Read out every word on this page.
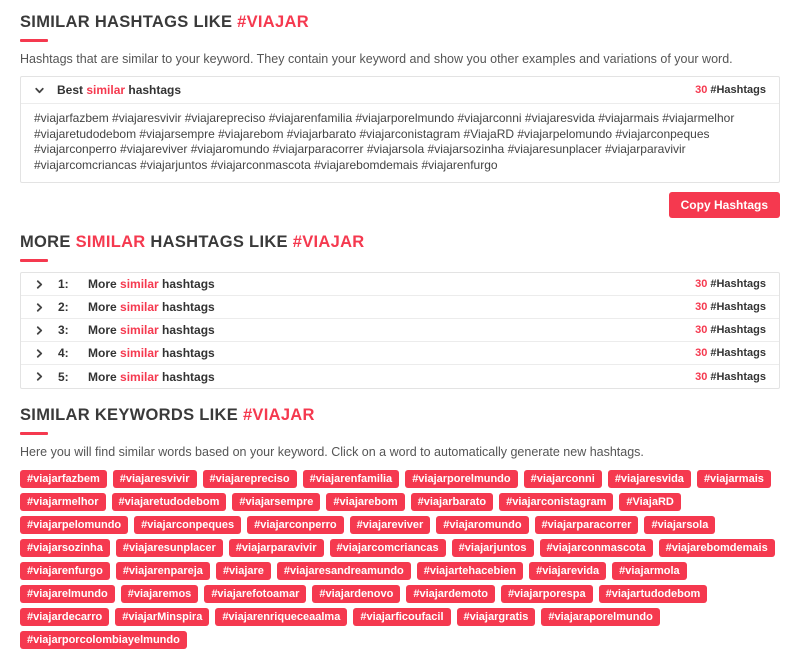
SIMILAR HASHTAGS LIKE #VIAJAR

Hashtags that are similar to your keyword. They contain your keyword and show you other examples and variations of your word.

Best similar hashtags	30 #Hashtags
#viajarfazbem #viajaresvivir #viajarepreciso #viajarenfamilia #viajarporelmundo #viajarconni #viajaresvida #viajarmais #viajarmelhor #viajaretudodebom #viajarsempre #viajarebom #viajarbarato #viajarconistagram #ViajaRD #viajarpelomundo #viajarconpeques #viajarconperro #viajareviver #viajaromundo #viajarparacorrer #viajarsola #viajarsozinha #viajaresunplacer #viajarparavivir #viajarcomcriancas #viajarjuntos #viajarconmascota #viajarebomdemais #viajarenfurgo
Copy Hashtags
MORE SIMILAR HASHTAGS LIKE #VIAJAR
1:	More similar hashtags	30 #Hashtags
2:	More similar hashtags	30 #Hashtags
3:	More similar hashtags	30 #Hashtags
4:	More similar hashtags	30 #Hashtags
5:	More similar hashtags	30 #Hashtags
SIMILAR KEYWORDS LIKE #VIAJAR

Here you will find similar words based on your keyword. Click on a word to automatically generate new hashtags.

#viajarfazbem	#viajaresvivir	#viajarepreciso	#viajarenfamilia	#viajarporelmundo	#viajarconni	#viajaresvida	#viajarmais
#viajarmelhor	#viajaretudodebom	#viajarsempre	#viajarebom	#viajarbarato	#viajarconistagram	#ViajaRD
#viajarpelomundo	#viajarconpeques	#viajarconperro	#viajareviver	#viajaromundo	#viajarparacorrer	#viajarsola
#viajarsozinha	#viajaresunplacer	#viajarparavivir	#viajarcomcriancas	#viajarjuntos	#viajarconmascota	#viajarebomdemais
#viajarenfurgo	#viajarenpareja	#viajare	#viajaresandreamundo	#viajartehacebien	#viajarevida	#viajarmola
#viajarelmundo	#viajaremos	#viajarefotoamar	#viajardenovo	#viajardemoto	#viajarporespa	#viajartudodebom
#viajardecarro	#viajarMinspira	#viajarenriqueceaalma	#viajarficoufacil	#viajargratis	#viajaraporelmundo
#viajarporcolombiayelmundo
